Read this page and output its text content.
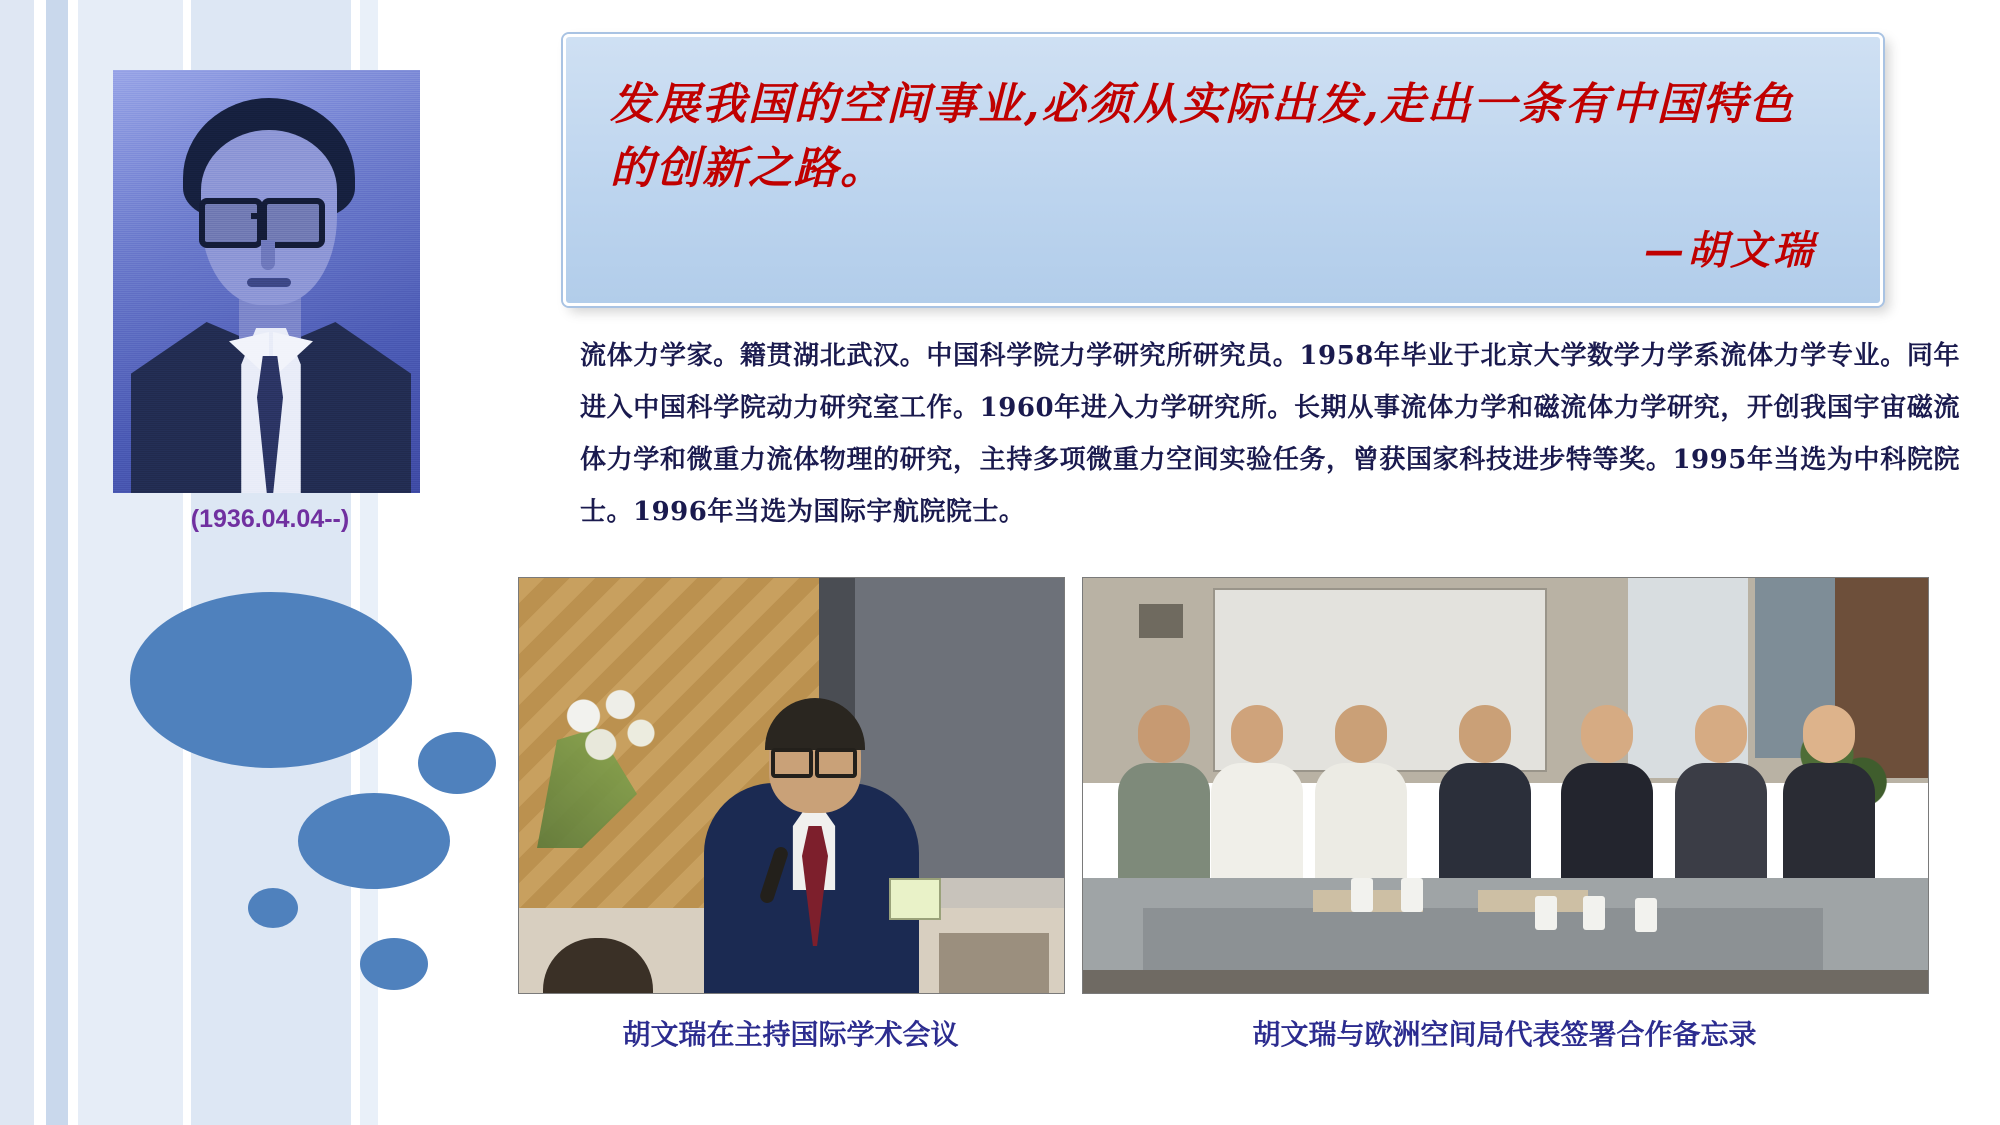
(1936.04.04--)
发展我国的空间事业,必须从实际出发,走出一条有中国特色的创新之路。
—胡文瑞
流体力学家。籍贯湖北武汉。中国科学院力学研究所研究员。1958年毕业于北京大学数学力学系流体力学专业。同年进入中国科学院动力研究室工作。1960年进入力学研究所。长期从事流体力学和磁流体力学研究，开创我国宇宙磁流体力学和微重力流体物理的研究，主持多项微重力空间实验任务，曾获国家科技进步特等奖。1995年当选为中科院院士。1996年当选为国际宇航院院士。
胡文瑞在主持国际学术会议	胡文瑞与欧洲空间局代表签署合作备忘录
